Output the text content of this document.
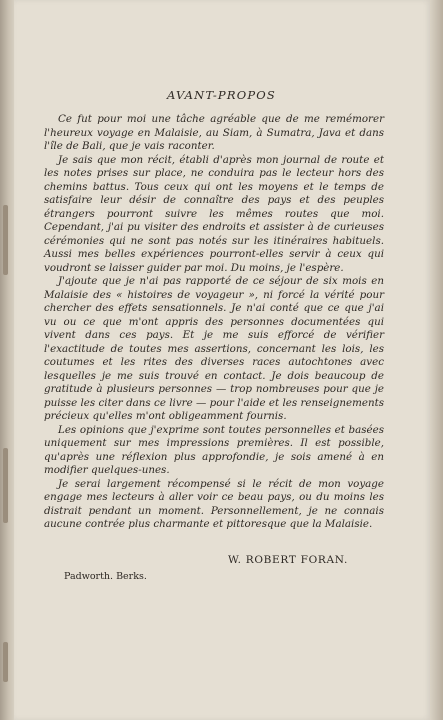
AVANT-PROPOS

Ce fut pour moi une tâche agréable que de me remémorer l'heureux voyage en Malaisie, au Siam, à Sumatra, Java et dans l'île de Bali, que je vais raconter.

Je sais que mon récit, établi d'après mon journal de route et les notes prises sur place, ne conduira pas le lecteur hors des chemins battus. Tous ceux qui ont les moyens et le temps de satisfaire leur désir de connaître des pays et des peuples étrangers pourront suivre les mêmes routes que moi. Cependant, j'ai pu visiter des endroits et assister à de curieuses cérémonies qui ne sont pas notés sur les itinéraires habituels. Aussi mes belles expériences pourront-elles servir à ceux qui voudront se laisser guider par moi. Du moins, je l'espère.

J'ajoute que je n'ai pas rapporté de ce séjour de six mois en Malaisie des « histoires de voyageur », ni forcé la vérité pour chercher des effets sensationnels. Je n'ai conté que ce que j'ai vu ou ce que m'ont appris des personnes documentées qui vivent dans ces pays. Et je me suis efforcé de vérifier l'exactitude de toutes mes assertions, concernant les lois, les coutumes et les rites des diverses races autochtones avec lesquelles je me suis trouvé en contact. Je dois beaucoup de gratitude à plusieurs personnes — trop nombreuses pour que je puisse les citer dans ce livre — pour l'aide et les renseignements précieux qu'elles m'ont obligeamment fournis.

Les opinions que j'exprime sont toutes personnelles et basées uniquement sur mes impressions premières. Il est possible, qu'après une réflexion plus approfondie, je sois amené à en modifier quelques-unes.

Je serai largement récompensé si le récit de mon voyage engage mes lecteurs à aller voir ce beau pays, ou du moins les distrait pendant un moment. Personnellement, je ne connais aucune contrée plus charmante et pittoresque que la Malaisie.

W. ROBERT FORAN.
Padworth. Berks.
